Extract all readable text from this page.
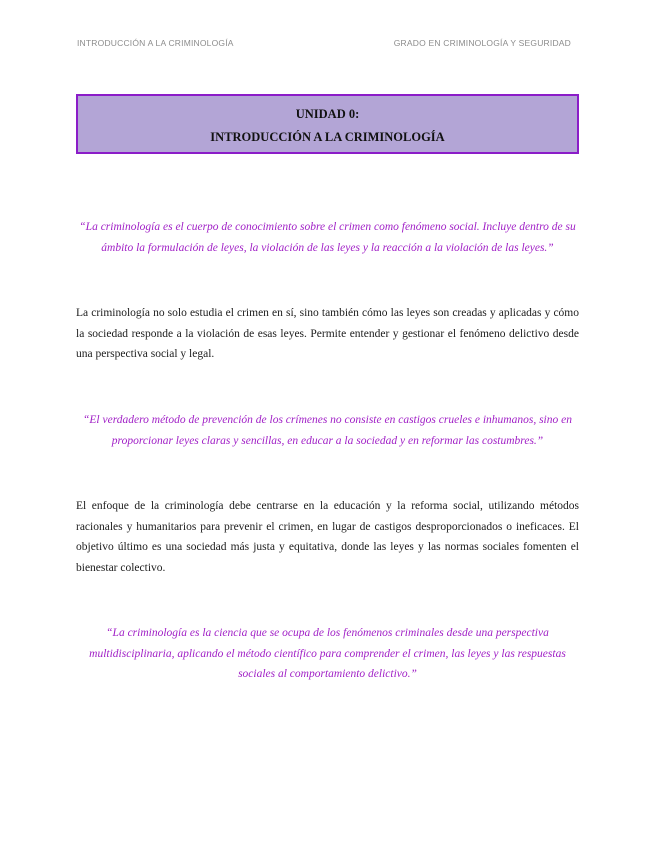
INTRODUCCIÓN A LA CRIMINOLOGÍA	GRADO EN CRIMINOLOGÍA Y SEGURIDAD
UNIDAD 0:
INTRODUCCIÓN A LA CRIMINOLOGÍA
“La criminología es el cuerpo de conocimiento sobre el crimen como fenómeno social. Incluye dentro de su ámbito la formulación de leyes, la violación de las leyes y la reacción a la violación de las leyes.”
La criminología no solo estudia el crimen en sí, sino también cómo las leyes son creadas y aplicadas y cómo la sociedad responde a la violación de esas leyes. Permite entender y gestionar el fenómeno delictivo desde una perspectiva social y legal.
“El verdadero método de prevención de los crímenes no consiste en castigos crueles e inhumanos, sino en proporcionar leyes claras y sencillas, en educar a la sociedad y en reformar las costumbres.”
El enfoque de la criminología debe centrarse en la educación y la reforma social, utilizando métodos racionales y humanitarios para prevenir el crimen, en lugar de castigos desproporcionados o ineficaces. El objetivo último es una sociedad más justa y equitativa, donde las leyes y las normas sociales fomenten el bienestar colectivo.
“La criminología es la ciencia que se ocupa de los fenómenos criminales desde una perspectiva multidisciplinaria, aplicando el método científico para comprender el crimen, las leyes y las respuestas sociales al comportamiento delictivo.”
